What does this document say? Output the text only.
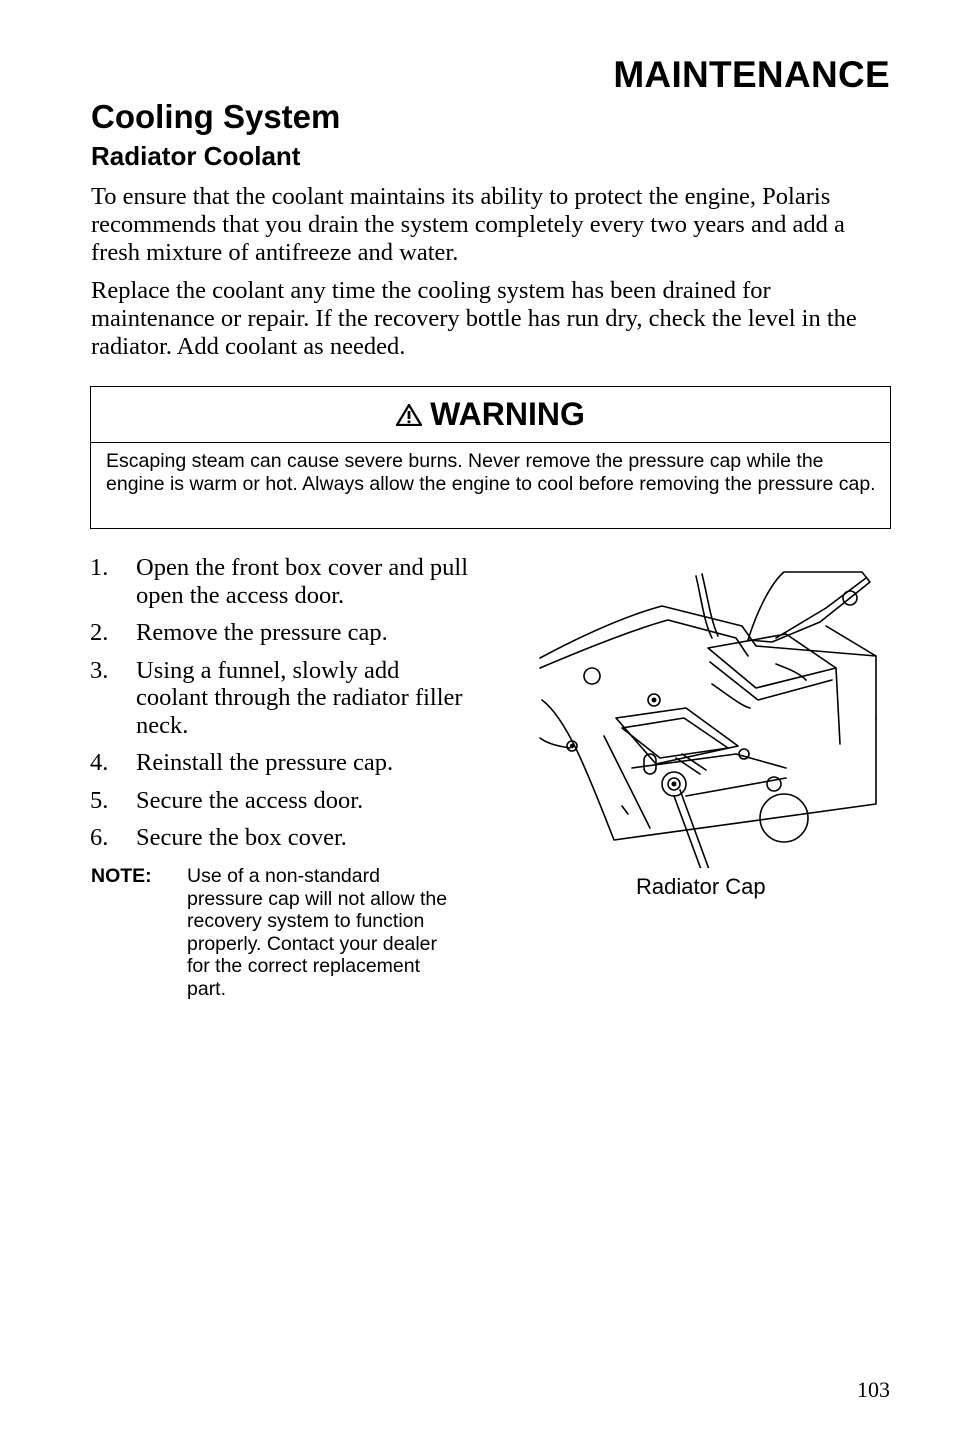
MAINTENANCE
Cooling System
Radiator Coolant

To ensure that the coolant maintains its ability to protect the engine, Polaris recommends that you drain the system completely every two years and add a fresh mixture of antifreeze and water.

Replace the coolant any time the cooling system has been drained for maintenance or repair. If the recovery bottle has run dry, check the level in the radiator. Add coolant as needed.

WARNING
Escaping steam can cause severe burns. Never remove the pressure cap while the engine is warm or hot. Always allow the engine to cool before removing the pressure cap.
1.	Open the front box cover and pull open the access door.
2.	Remove the pressure cap.
3.	Using a funnel, slowly add coolant through the radiator filler neck.
4.	Reinstall the pressure cap.
5.	Secure the access door.
6.	Secure the box cover.
NOTE:	Use of a non-standard pressure cap will not allow the recovery system to function properly. Contact your dealer for the correct replacement part.
Radiator Cap
103
